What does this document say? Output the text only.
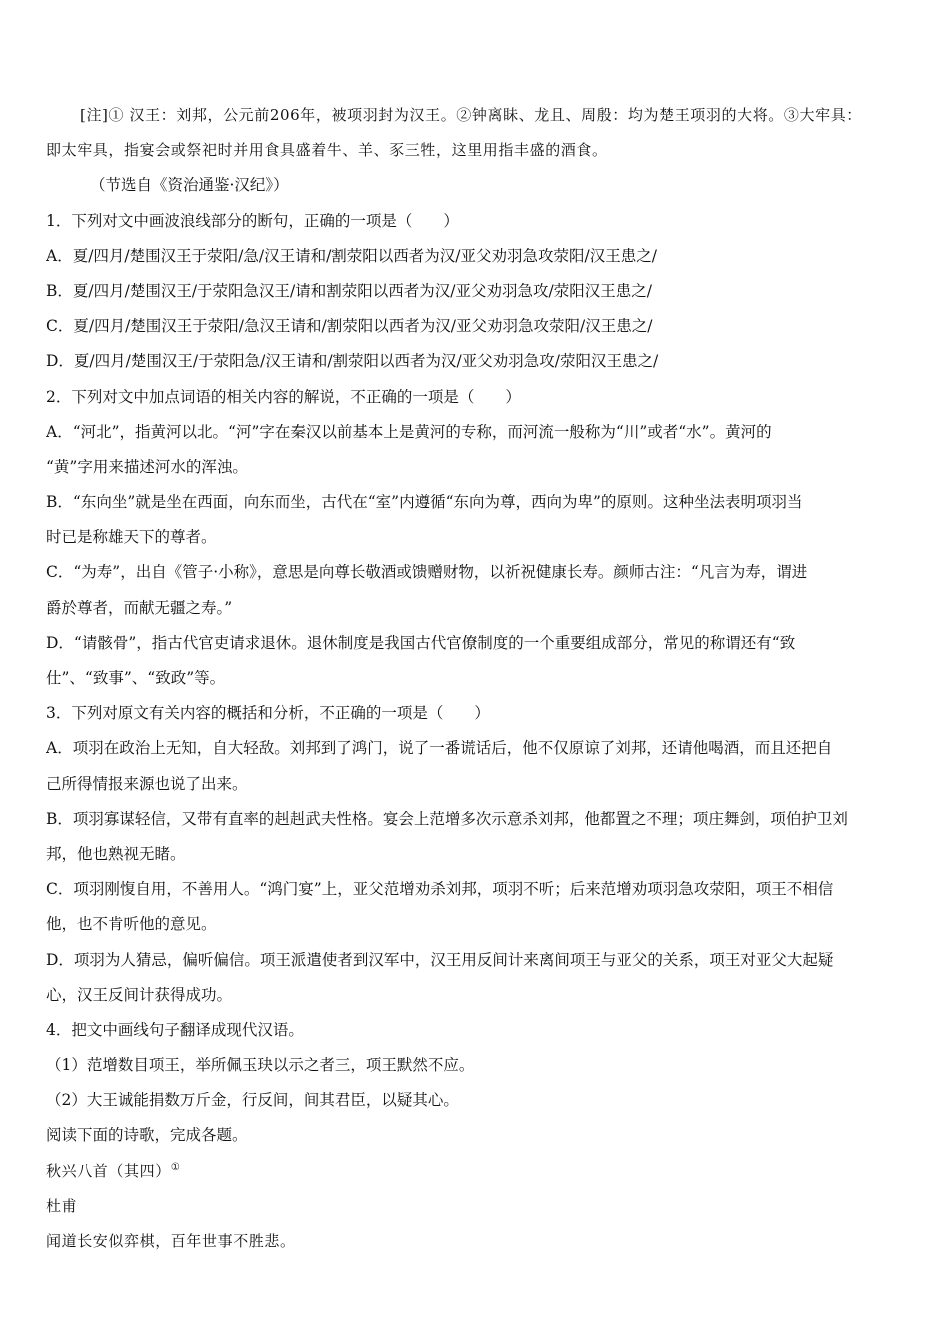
[注]① 汉王：刘邦，公元前206年，被项羽封为汉王。②钟离眛、龙且、周殷：均为楚王项羽的大将。③大牢具：
即太牢具，指宴会或祭祀时并用食具盛着牛、羊、豕三牲，这里用指丰盛的酒食。
（节选自《资治通鉴·汉纪》）
1．下列对文中画波浪线部分的断句，正确的一项是（　　）
A．夏/四月/楚围汉王于荥阳/急/汉王请和/割荥阳以西者为汉/亚父劝羽急攻荥阳/汉王患之/
B．夏/四月/楚围汉王/于荥阳急汉王/请和割荥阳以西者为汉/亚父劝羽急攻/荥阳汉王患之/
C．夏/四月/楚围汉王于荥阳/急汉王请和/割荥阳以西者为汉/亚父劝羽急攻荥阳/汉王患之/
D．夏/四月/楚围汉王/于荥阳急/汉王请和/割荥阳以西者为汉/亚父劝羽急攻/荥阳汉王患之/
2．下列对文中加点词语的相关内容的解说，不正确的一项是（　　）
A．“河北”，指黄河以北。“河”字在秦汉以前基本上是黄河的专称，而河流一般称为“川”或者“水”。黄河的
“黄”字用来描述河水的浑浊。
B．“东向坐”就是坐在西面，向东而坐，古代在“室”内遵循“东向为尊，西向为卑”的原则。这种坐法表明项羽当
时已是称雄天下的尊者。
C．“为寿”，出自《管子·小称》，意思是向尊长敬酒或馈赠财物，以祈祝健康长寿。颜师古注：“凡言为寿，谓进
爵於尊者，而献无疆之寿。”
D．“请骸骨”，指古代官吏请求退休。退休制度是我国古代官僚制度的一个重要组成部分，常见的称谓还有“致
仕”、“致事”、“致政”等。
3．下列对原文有关内容的概括和分析，不正确的一项是（　　）
A．项羽在政治上无知，自大轻敌。刘邦到了鸿门，说了一番谎话后，他不仅原谅了刘邦，还请他喝酒，而且还把自
己所得情报来源也说了出来。
B．项羽寡谋轻信，又带有直率的赳赳武夫性格。宴会上范增多次示意杀刘邦，他都置之不理；项庄舞剑，项伯护卫刘
邦，他也熟视无睹。
C．项羽刚愎自用，不善用人。“鸿门宴”上，亚父范增劝杀刘邦，项羽不听；后来范增劝项羽急攻荥阳，项王不相信
他，也不肯听他的意见。
D．项羽为人猜忌，偏听偏信。项王派遣使者到汉军中，汉王用反间计来离间项王与亚父的关系，项王对亚父大起疑
心，汉王反间计获得成功。
4．把文中画线句子翻译成现代汉语。
（1）范增数目项王，举所佩玉玦以示之者三，项王默然不应。
（2）大王诚能捐数万斤金，行反间，间其君臣，以疑其心。
阅读下面的诗歌，完成各题。
秋兴八首（其四）①
杜甫
闻道长安似弈棋，百年世事不胜悲。
